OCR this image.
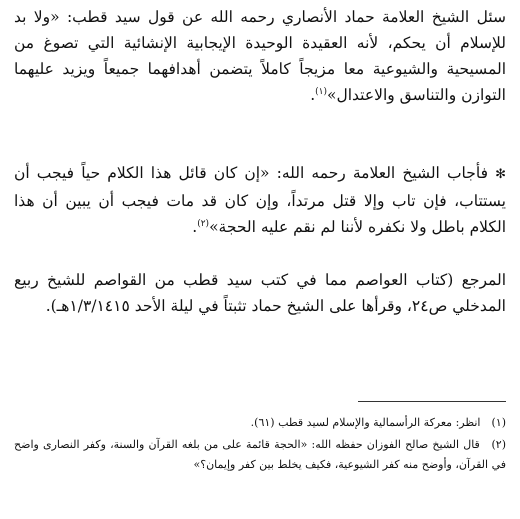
سئل الشيخ العلامة حماد الأنصاري رحمه الله عن قول سيد قطب: «ولا بد للإسلام أن يحكم، لأنه العقيدة الوحيدة الإيجابية الإنشائية التي تصوغ من المسيحية والشيوعية معا مزيجاً كاملاً يتضمن أهدافهما جميعاً ويزيد عليهما التوازن والتناسق والاعتدال»$^{(١)}$.

✻ فأجاب الشيخ العلامة رحمه الله: «إن كان قائل هذا الكلام حياً فيجب أن يستتاب، فإن تاب وإلا قتل مرتداً، وإن كان قد مات فيجب أن يبين أن هذا الكلام باطل ولا نكفره لأننا لم نقم عليه الحجة»$^{(٢)}$.

المرجع (كتاب العواصم مما في كتب سيد قطب من القواصم للشيخ ربيع المدخلي ص٢٤، وقرأها على الشيخ حماد تثبتاً في ليلة الأحد ١/٣/١٤١٥هـ).

(١) انظر: معركة الرأسمالية والإسلام لسيد قطب (٦١).

(٢) قال الشيخ صالح الفوزان حفظه الله: «الحجة قائمة على من بلغه القرآن والسنة، وكفر النصارى واضح في القرآن، وأوضح منه كفر الشيوعية، فكيف يخلط بين كفر وإيمان؟»
